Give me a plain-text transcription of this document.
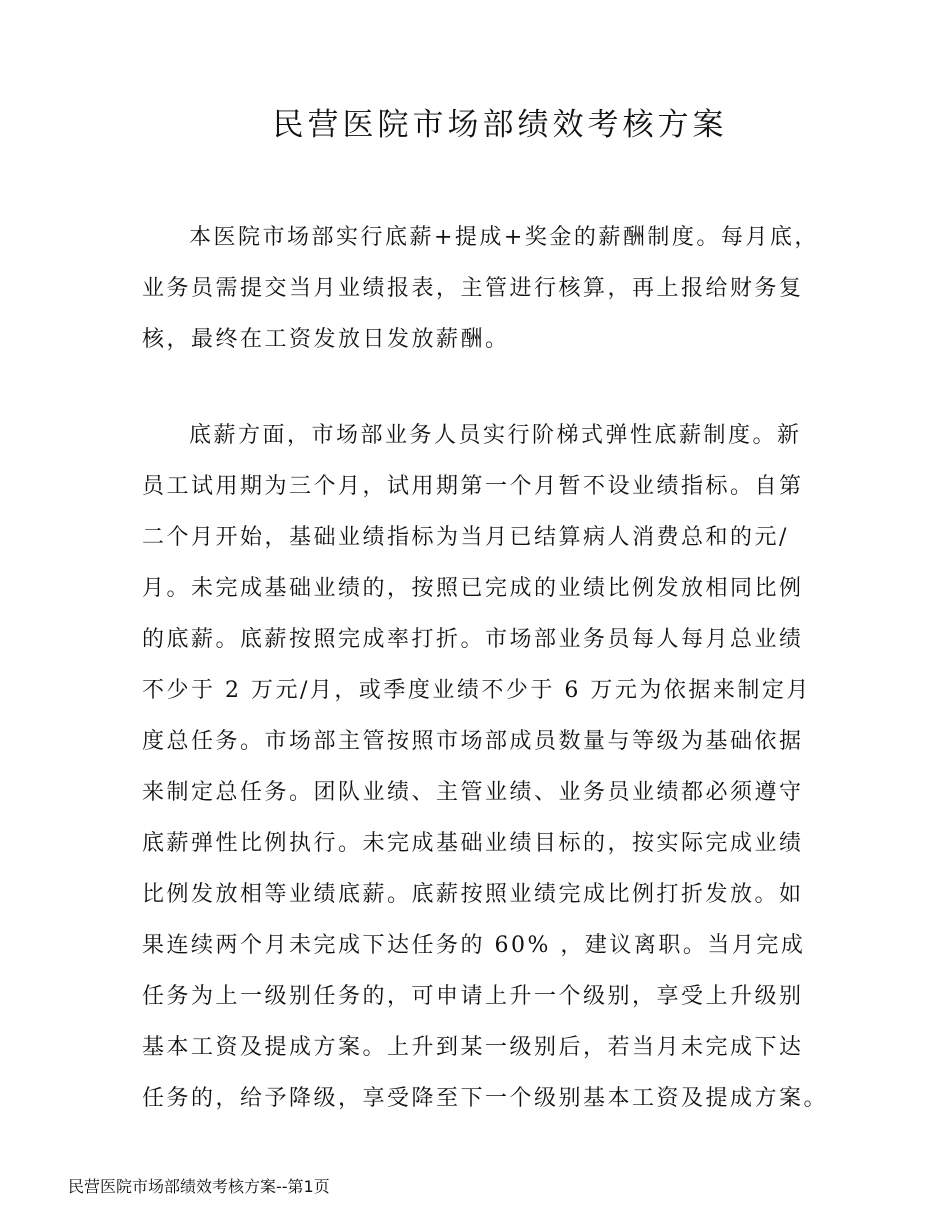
民营医院市场部绩效考核方案
本医院市场部实行底薪+提成+奖金的薪酬制度。每月底，
业务员需提交当月业绩报表，主管进行核算，再上报给财务复
核，最终在工资发放日发放薪酬。
底薪方面，市场部业务人员实行阶梯式弹性底薪制度。新
员工试用期为三个月，试用期第一个月暂不设业绩指标。自第
二个月开始，基础业绩指标为当月已结算病人消费总和的元/
月。未完成基础业绩的，按照已完成的业绩比例发放相同比例
的底薪。底薪按照完成率打折。市场部业务员每人每月总业绩
不少于 2 万元/月，或季度业绩不少于 6 万元为依据来制定月
度总任务。市场部主管按照市场部成员数量与等级为基础依据
来制定总任务。团队业绩、主管业绩、业务员业绩都必须遵守
底薪弹性比例执行。未完成基础业绩目标的，按实际完成业绩
比例发放相等业绩底薪。底薪按照业绩完成比例打折发放。如
果连续两个月未完成下达任务的 60% ，建议离职。当月完成
任务为上一级别任务的，可申请上升一个级别，享受上升级别
基本工资及提成方案。上升到某一级别后，若当月未完成下达
任务的，给予降级，享受降至下一个级别基本工资及提成方案。
民营医院市场部绩效考核方案--第1页
